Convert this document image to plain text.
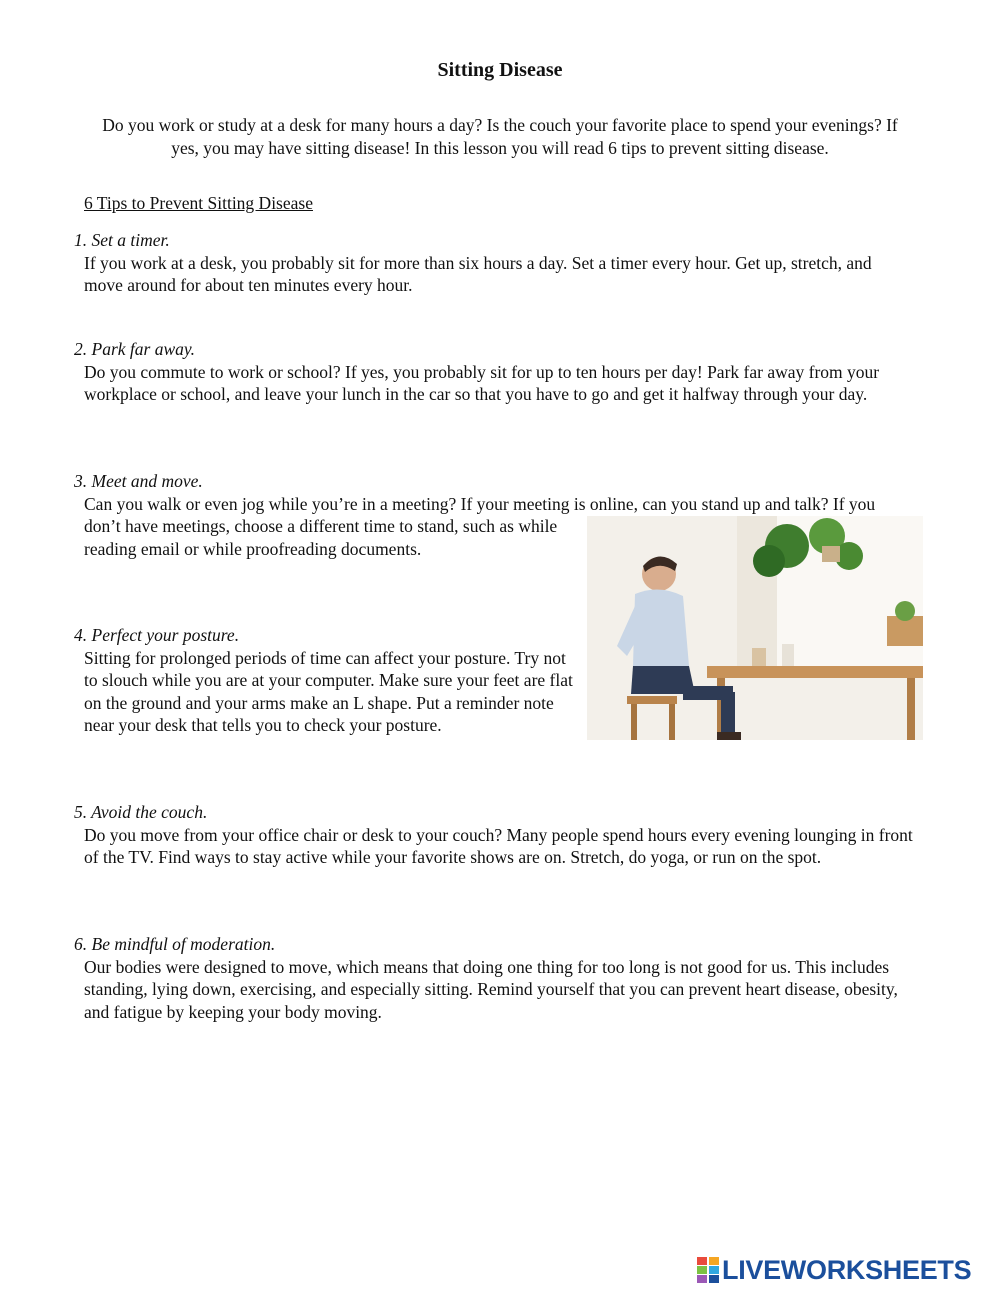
Sitting Disease
Do you work or study at a desk for many hours a day? Is the couch your favorite place to spend your evenings? If yes, you may have sitting disease! In this lesson you will read 6 tips to prevent sitting disease.
6 Tips to Prevent Sitting Disease
1. Set a timer.
If you work at a desk, you probably sit for more than six hours a day. Set a timer every hour. Get up, stretch, and move around for about ten minutes every hour.
2. Park far away.
Do you commute to work or school? If yes, you probably sit for up to ten hours per day! Park far away from your workplace or school, and leave your lunch in the car so that you have to go and get it halfway through your day.
3. Meet and move.
Can you walk or even jog while you’re in a meeting? If your meeting is online, can you stand up and talk? If you don’t have meetings, choose a different time to stand, such as while reading email or while proofreading documents.
4. Perfect your posture.
Sitting for prolonged periods of time can affect your posture. Try not to slouch while you are at your computer. Make sure your feet are flat on the ground and your arms make an L shape. Put a reminder note near your desk that tells you to check your posture.
5. Avoid the couch.
Do you move from your office chair or desk to your couch? Many people spend hours every evening lounging in front of the TV. Find ways to stay active while your favorite shows are on. Stretch, do yoga, or run on the spot.
6. Be mindful of moderation.
Our bodies were designed to move, which means that doing one thing for too long is not good for us. This includes standing, lying down, exercising, and especially sitting. Remind yourself that you can prevent heart disease, obesity, and fatigue by keeping your body moving.
LIVEWORKSHEETS
